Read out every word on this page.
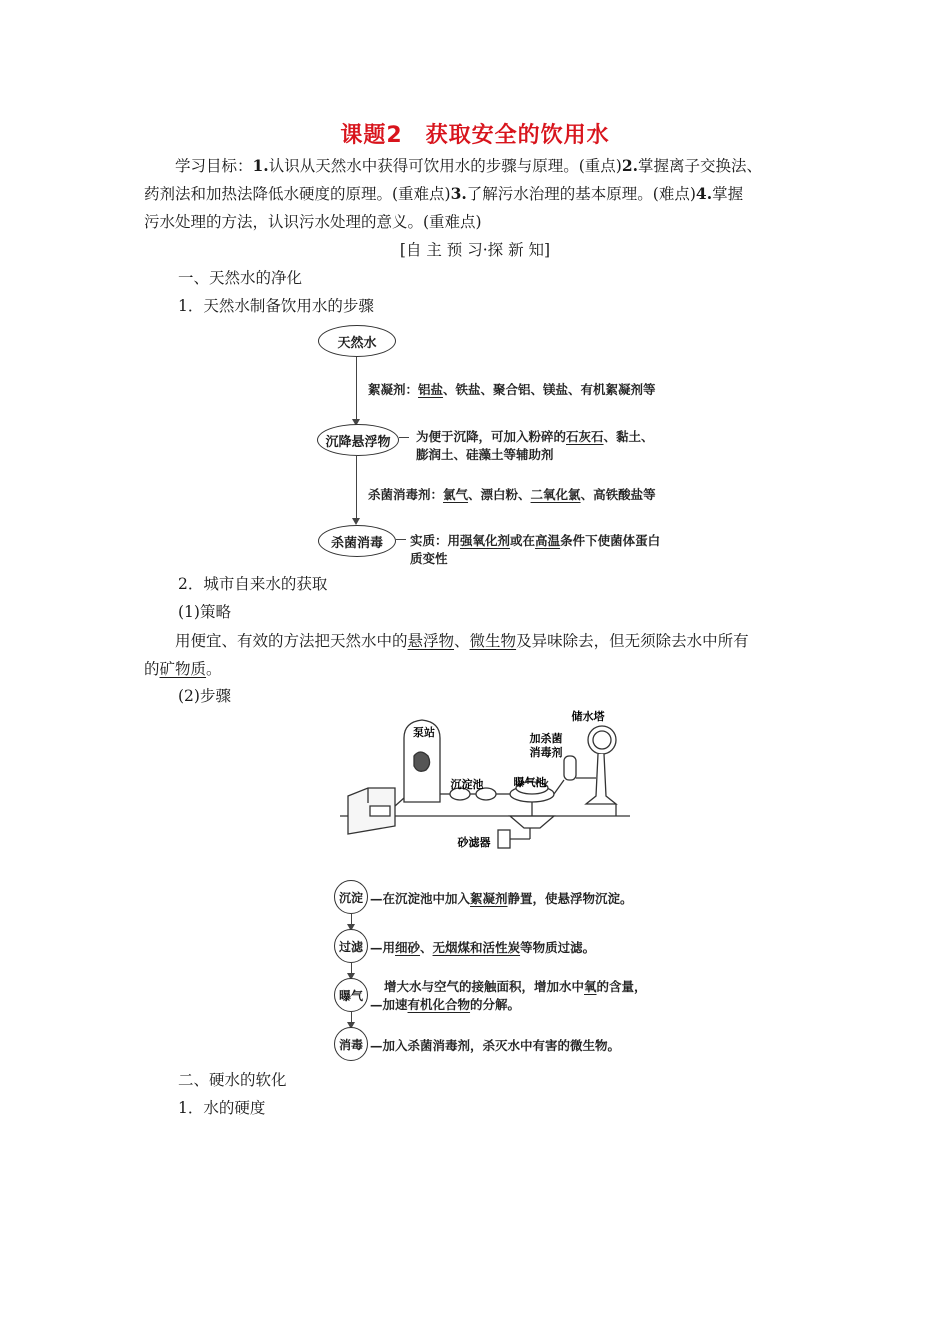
课题2　获取安全的饮用水
学习目标：1.认识从天然水中获得可饮用水的步骤与原理。(重点)2.掌握离子交换法、
药剂法和加热法降低水硬度的原理。(重难点)3.了解污水治理的基本原理。(难点)4.掌握
污水处理的方法，认识污水处理的意义。(重难点)
[自 主 预 习·探 新 知]
一、天然水的净化
1．天然水制备饮用水的步骤
天然水
絮凝剂：铝盐、铁盐、聚合铝、镁盐、有机絮凝剂等
沉降悬浮物	为便于沉降，可加入粉碎的石灰石、黏土、
膨润土、硅藻土等辅助剂
杀菌消毒剂：氯气、漂白粉、二氧化氯、高铁酸盐等
杀菌消毒	实质：用强氧化剂或在高温条件下使菌体蛋白
质变性
2．城市自来水的获取
(1)策略
用便宜、有效的方法把天然水中的悬浮物、微生物及异味除去，但无须除去水中所有
的矿物质。
(2)步骤
泵站
沉淀池	曝气池
储水塔
加杀菌
消毒剂
砂滤器
沉淀 —在沉淀池中加入絮凝剂静置，使悬浮物沉淀。
过滤 —用细砂、无烟煤和活性炭等物质过滤。
曝气
增大水与空气的接触面积，增加水中氧的含量，
—加速有机化合物的分解。
消毒 —加入杀菌消毒剂，杀灭水中有害的微生物。
二、硬水的软化
1．水的硬度
